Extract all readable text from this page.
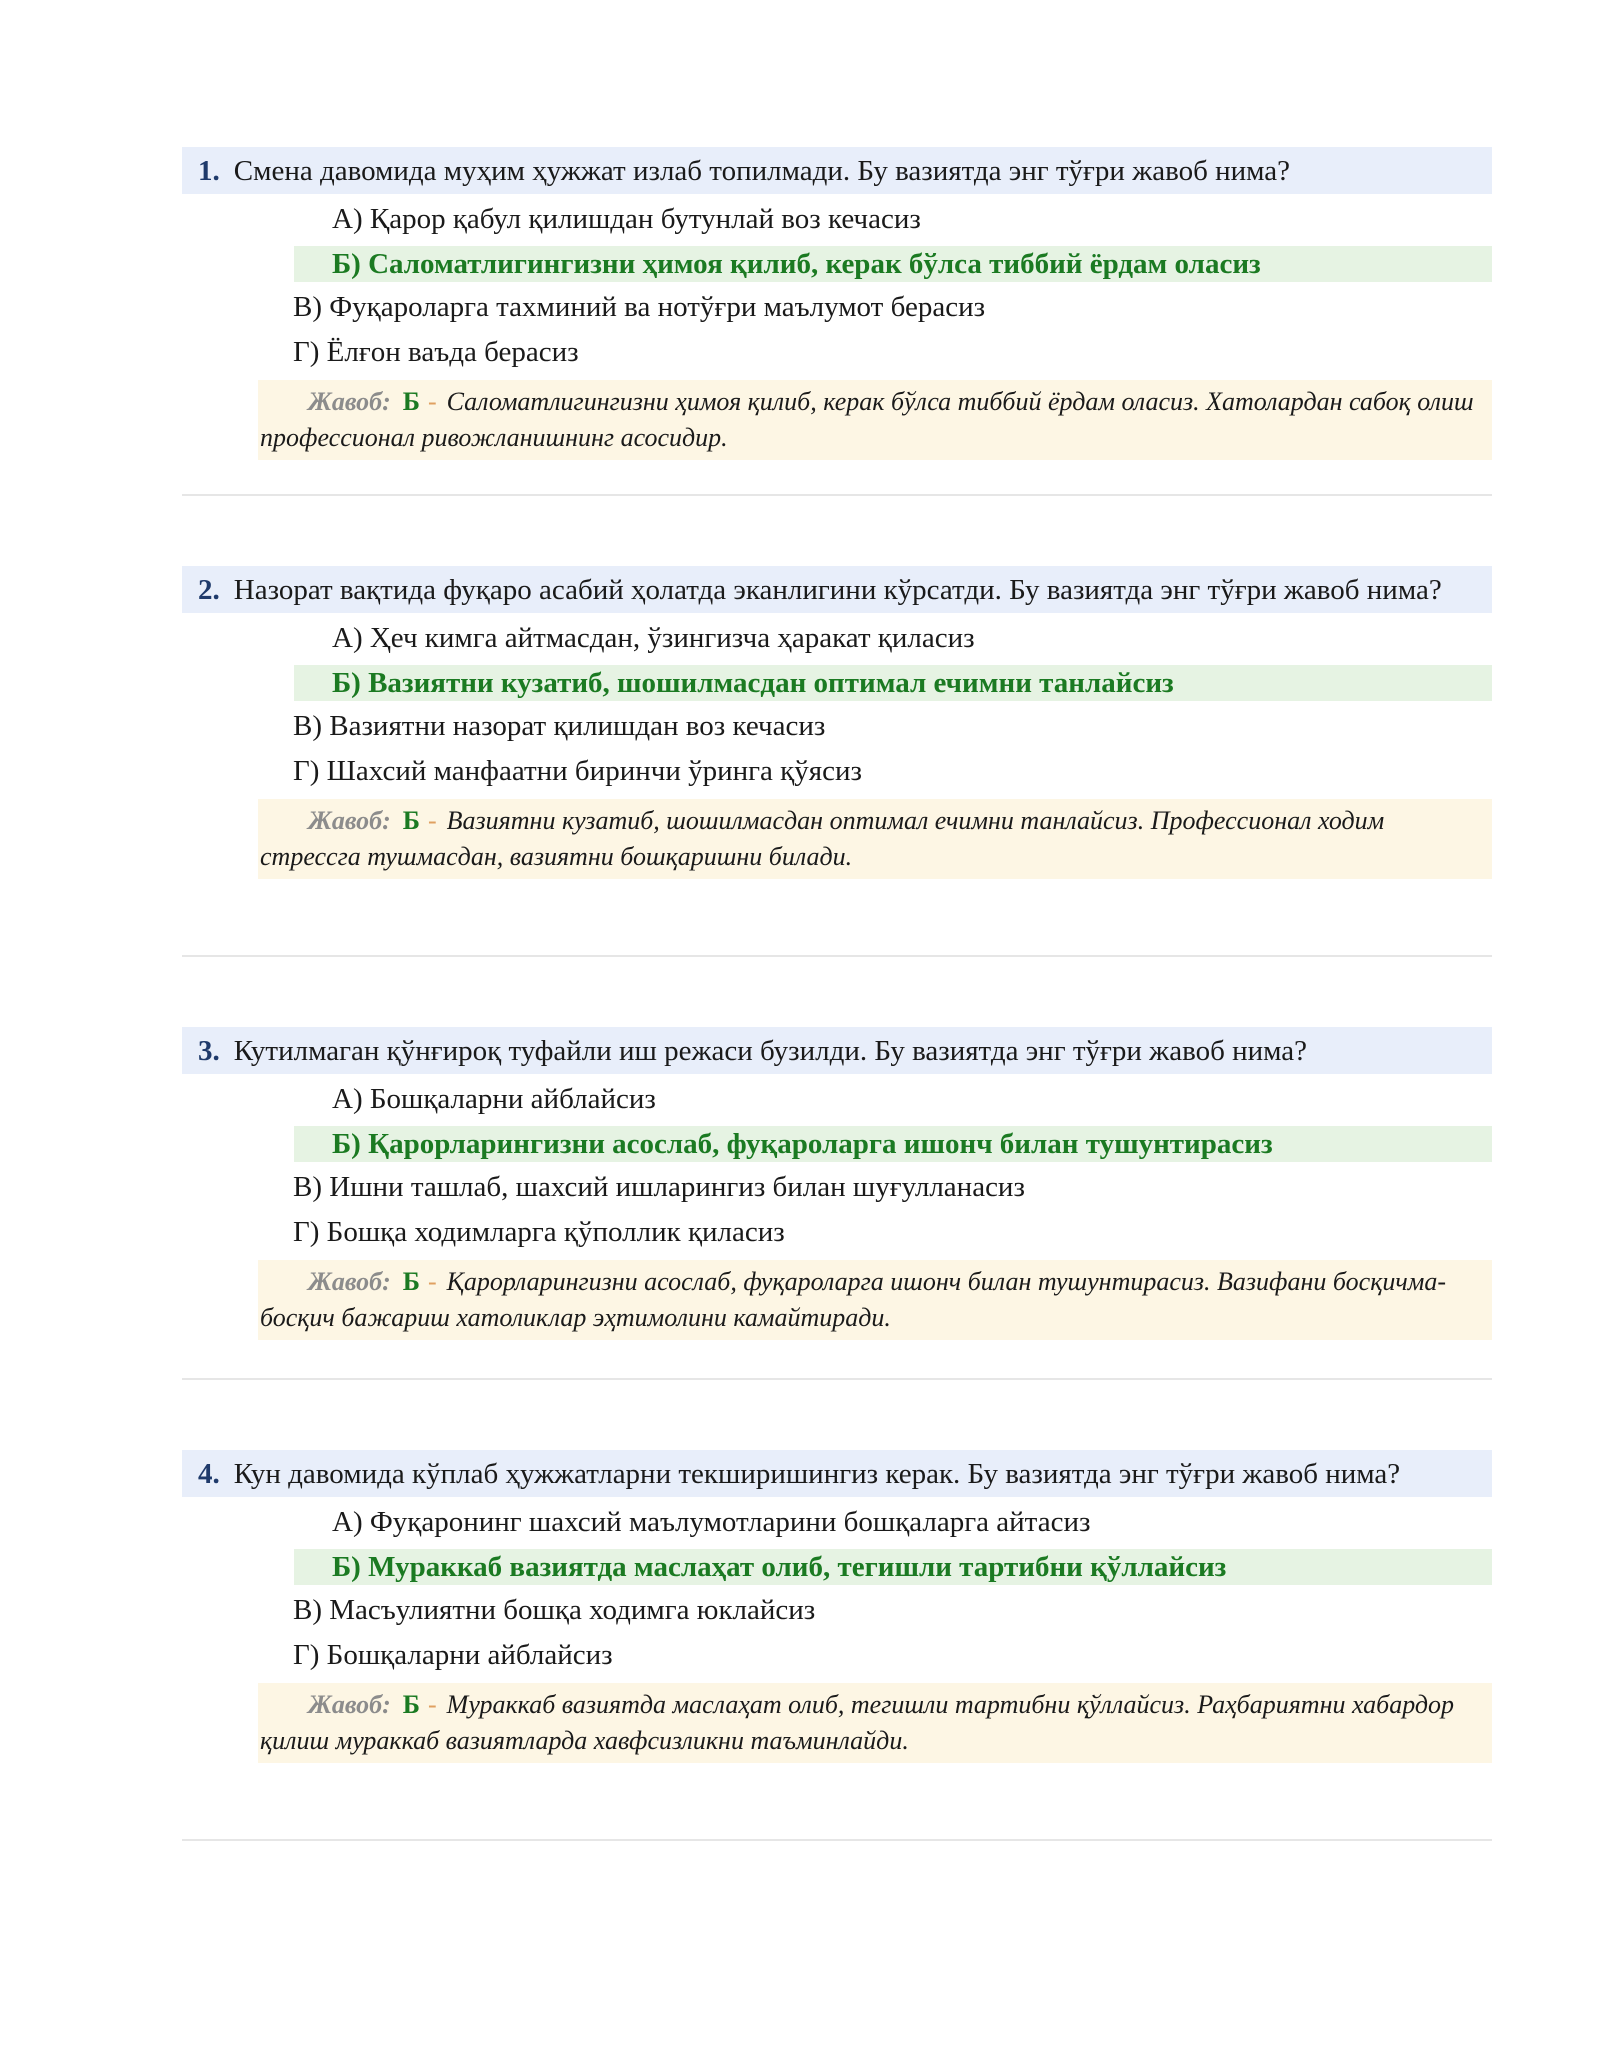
1. Смена давомида муҳим ҳужжат излаб топилмади. Бу вазиятда энг тўғри жавоб нима?
А) Қарор қабул қилишдан бутунлай воз кечасиз
Б) Саломатлигингизни ҳимоя қилиб, керак бўлса тиббий ёрдам оласиз
В) Фуқароларга тахминий ва нотўғри маълумот берасиз
Г) Ёлғон ваъда берасиз
Жавоб: Б - Саломатлигингизни ҳимоя қилиб, керак бўлса тиббий ёрдам оласиз. Хатолардан сабоқ олиш профессионал ривожланишнинг асосидир.
2. Назорат вақтида фуқаро асабий ҳолатда эканлигини кўрсатди. Бу вазиятда энг тўғри жавоб нима?
А) Ҳеч кимга айтмасдан, ўзингизча ҳаракат қиласиз
Б) Вазиятни кузатиб, шошилмасдан оптимал ечимни танлайсиз
В) Вазиятни назорат қилишдан воз кечасиз
Г) Шахсий манфаатни биринчи ўринга қўясиз
Жавоб: Б - Вазиятни кузатиб, шошилмасдан оптимал ечимни танлайсиз. Профессионал ходим стрессга тушмасдан, вазиятни бошқаришни билади.
3. Кутилмаган қўнғироқ туфайли иш режаси бузилди. Бу вазиятда энг тўғри жавоб нима?
А) Бошқаларни айблайсиз
Б) Қарорларингизни асослаб, фуқароларга ишонч билан тушунтирасиз
В) Ишни ташлаб, шахсий ишларингиз билан шуғулланасиз
Г) Бошқа ходимларга қўполлик қиласиз
Жавоб: Б - Қарорларингизни асослаб, фуқароларга ишонч билан тушунтирасиз. Вазифани босқичма-босқич бажариш хатоликлар эҳтимолини камайтиради.
4. Кун давомида кўплаб ҳужжатларни текширишингиз керак. Бу вазиятда энг тўғри жавоб нима?
А) Фуқаронинг шахсий маълумотларини бошқаларга айтасиз
Б) Мураккаб вазиятда маслаҳат олиб, тегишли тартибни қўллайсиз
В) Масъулиятни бошқа ходимга юклайсиз
Г) Бошқаларни айблайсиз
Жавоб: Б - Мураккаб вазиятда маслаҳат олиб, тегишли тартибни қўллайсиз. Раҳбариятни хабардор қилиш мураккаб вазиятларда хавфсизликни таъминлайди.
